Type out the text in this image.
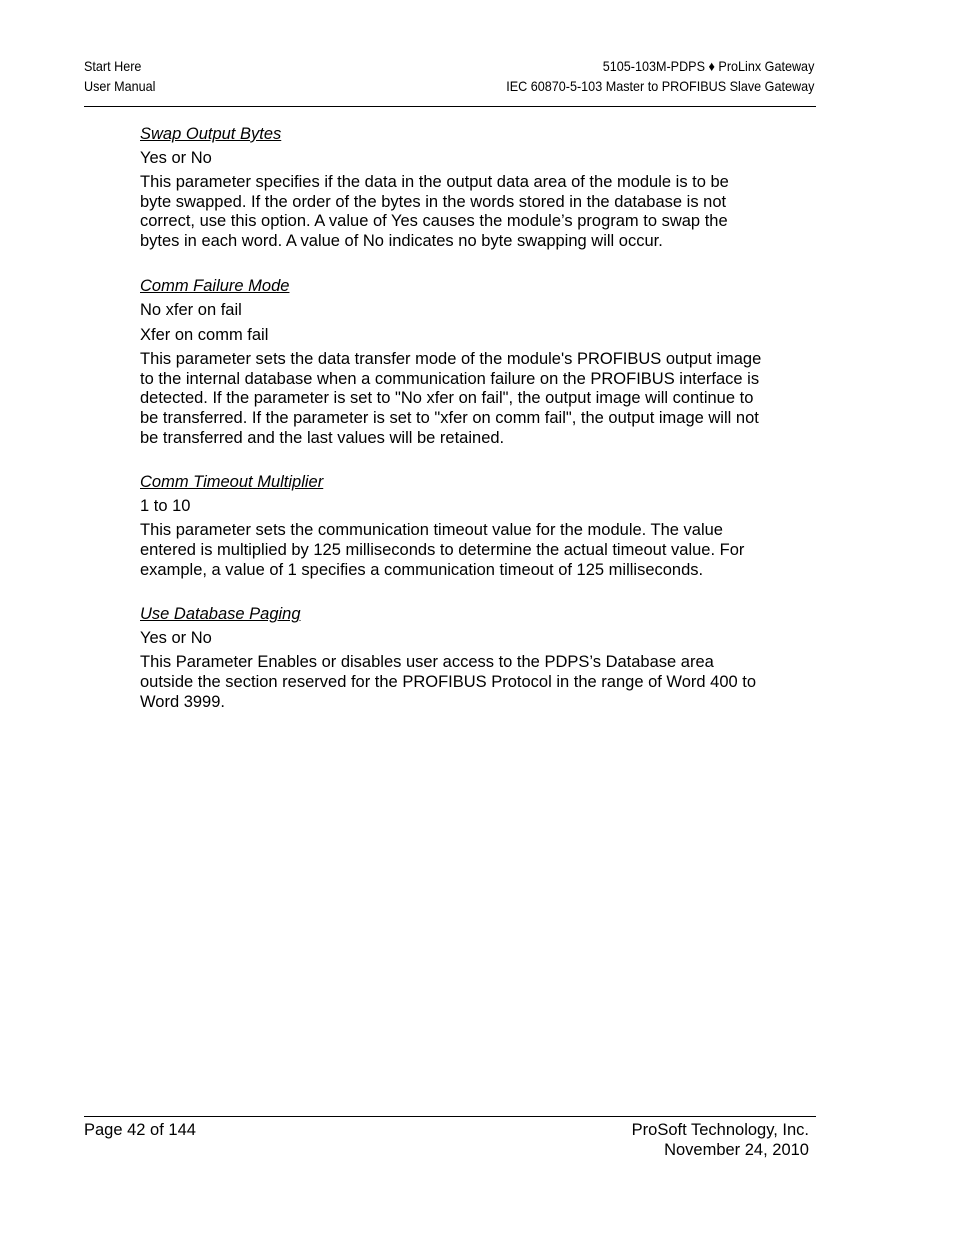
Start Here
User Manual
5105-103M-PDPS ♦ ProLinx Gateway
IEC 60870-5-103 Master to PROFIBUS Slave Gateway

Swap Output Bytes

Yes or No

This parameter specifies if the data in the output data area of the module is to be byte swapped. If the order of the bytes in the words stored in the database is not correct, use this option. A value of Yes causes the module’s program to swap the bytes in each word. A value of No indicates no byte swapping will occur.

Comm Failure Mode

No xfer on fail

Xfer on comm fail

This parameter sets the data transfer mode of the module's PROFIBUS output image to the internal database when a communication failure on the PROFIBUS interface is detected. If the parameter is set to "No xfer on fail", the output image will continue to be transferred. If the parameter is set to "xfer on comm fail", the output image will not be transferred and the last values will be retained.

Comm Timeout Multiplier

1 to 10

This parameter sets the communication timeout value for the module. The value entered is multiplied by 125 milliseconds to determine the actual timeout value. For example, a value of 1 specifies a communication timeout of 125 milliseconds.

Use Database Paging

Yes or No

This Parameter Enables or disables user access to the PDPS’s Database area outside the section reserved for the PROFIBUS Protocol in the range of Word 400 to Word 3999.

Page 42 of 144	ProSoft Technology, Inc.
November 24, 2010
